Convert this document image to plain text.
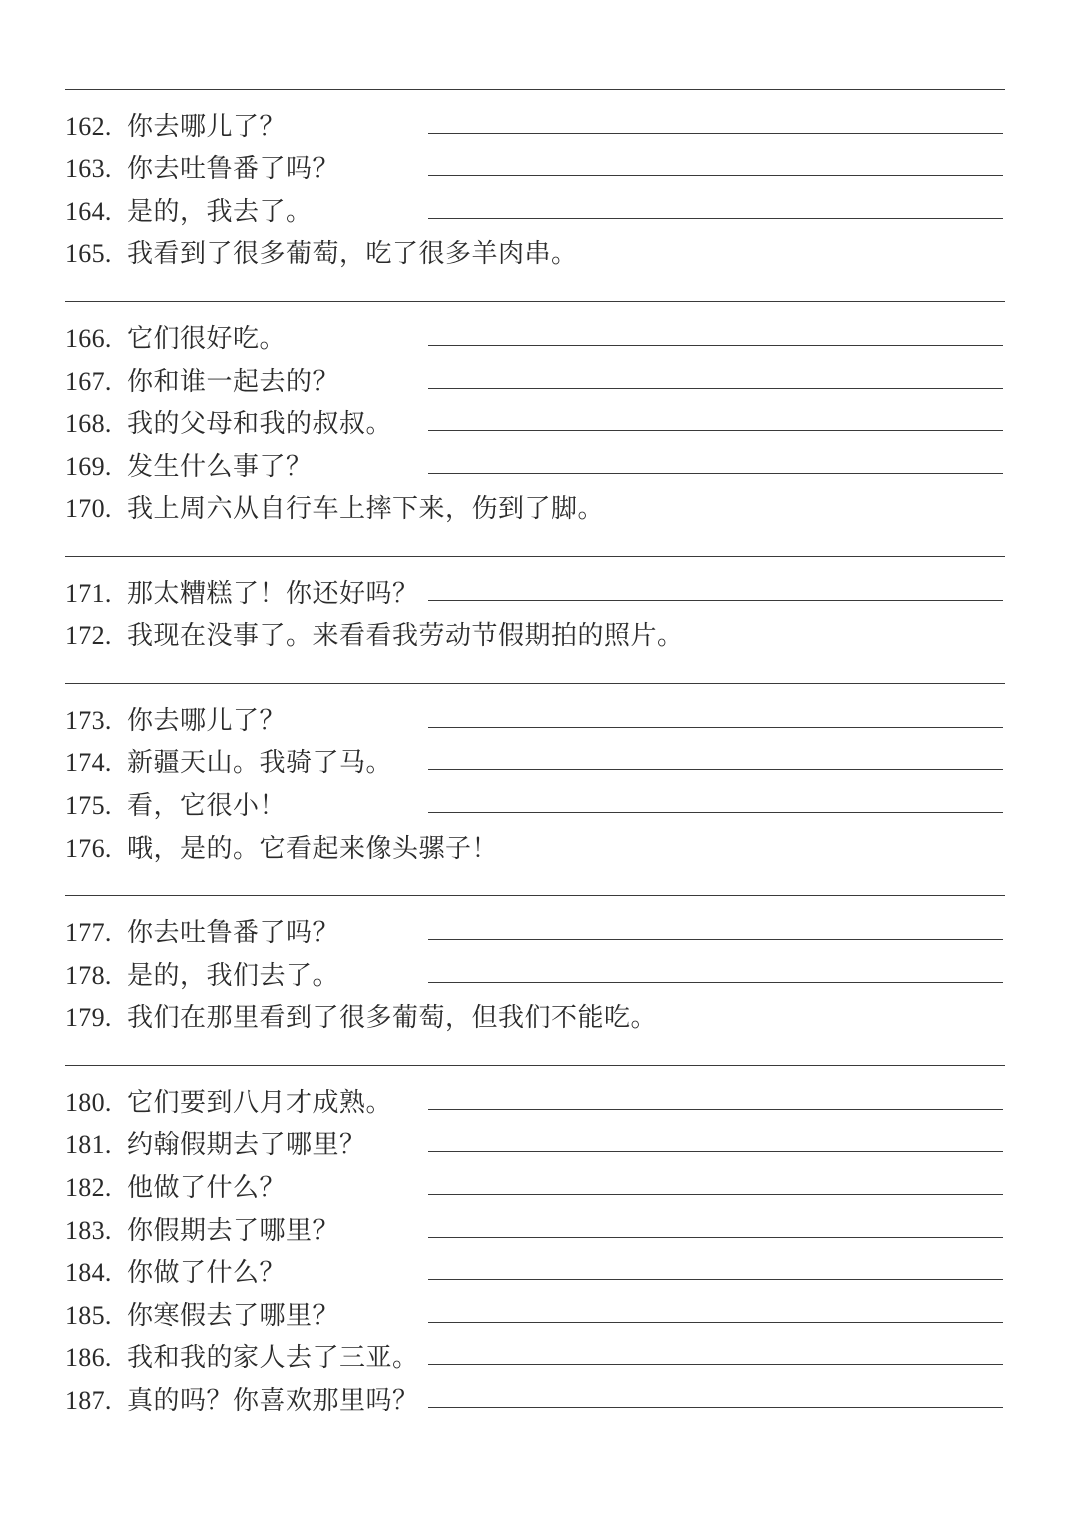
162. 你去哪儿了？
163. 你去吐鲁番了吗？
164. 是的，我去了。
165. 我看到了很多葡萄，吃了很多羊肉串。
166. 它们很好吃。
167. 你和谁一起去的？
168. 我的父母和我的叔叔。
169. 发生什么事了？
170. 我上周六从自行车上摔下来，伤到了脚。
171. 那太糟糕了！你还好吗？
172. 我现在没事了。来看看我劳动节假期拍的照片。
173. 你去哪儿了？
174. 新疆天山。我骑了马。
175. 看，它很小！
176. 哦，是的。它看起来像头骡子！
177. 你去吐鲁番了吗？
178. 是的，我们去了。
179. 我们在那里看到了很多葡萄，但我们不能吃。
180. 它们要到八月才成熟。
181. 约翰假期去了哪里？
182. 他做了什么？
183. 你假期去了哪里？
184. 你做了什么？
185. 你寒假去了哪里？
186. 我和我的家人去了三亚。
187. 真的吗？你喜欢那里吗？
